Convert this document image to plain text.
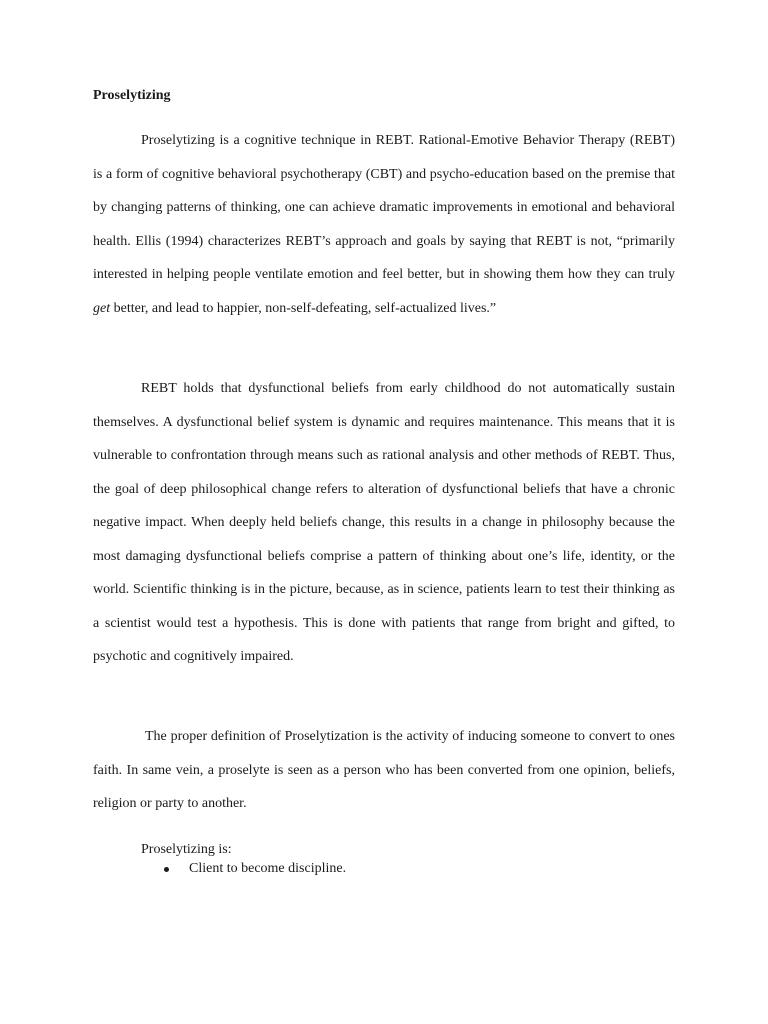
Proselytizing

Proselytizing is a cognitive technique in REBT. Rational-Emotive Behavior Therapy (REBT) is a form of cognitive behavioral psychotherapy (CBT) and psycho-education based on the premise that by changing patterns of thinking, one can achieve dramatic improvements in emotional and behavioral health. Ellis (1994) characterizes REBT’s approach and goals by saying that REBT is not, “primarily interested in helping people ventilate emotion and feel better, but in showing them how they can truly get better, and lead to happier, non-self-defeating, self-actualized lives.”

REBT holds that dysfunctional beliefs from early childhood do not automatically sustain themselves. A dysfunctional belief system is dynamic and requires maintenance. This means that it is vulnerable to confrontation through means such as rational analysis and other methods of REBT. Thus, the goal of deep philosophical change refers to alteration of dysfunctional beliefs that have a chronic negative impact. When deeply held beliefs change, this results in a change in philosophy because the most damaging dysfunctional beliefs comprise a pattern of thinking about one’s life, identity, or the world. Scientific thinking is in the picture, because, as in science, patients learn to test their thinking as a scientist would test a hypothesis. This is done with patients that range from bright and gifted, to psychotic and cognitively impaired.

The proper definition of Proselytization is the activity of inducing someone to convert to ones faith. In same vein, a proselyte is seen as a person who has been converted from one opinion, beliefs, religion or party to another.

Proselytizing is:
Client to become discipline.
